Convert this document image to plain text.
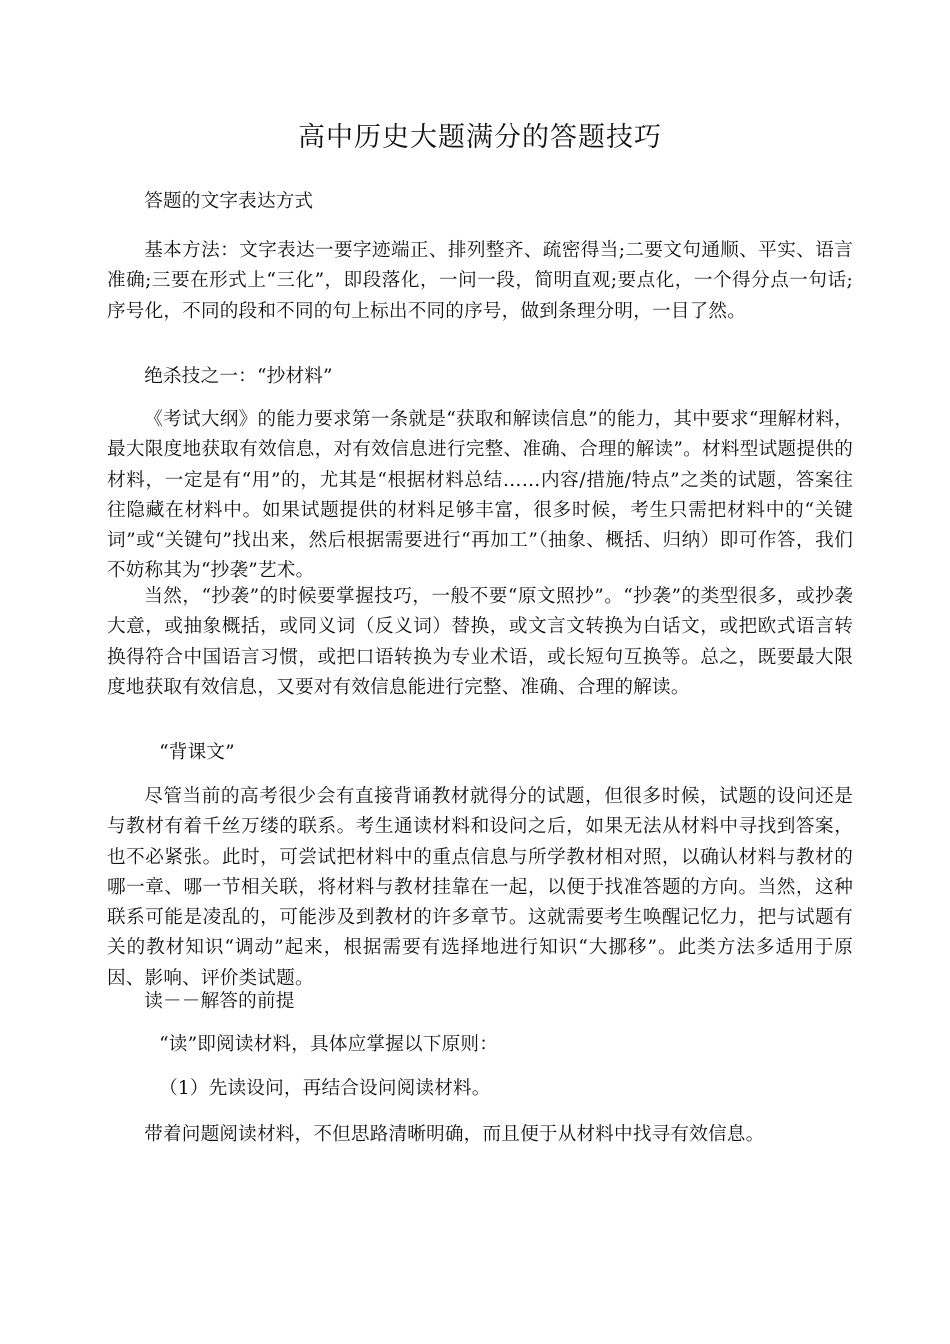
高中历史大题满分的答题技巧

答题的文字表达方式

基本方法：文字表达一要字迹端正、排列整齐、疏密得当;二要文句通顺、平实、语言准确;三要在形式上“三化”，即段落化，一问一段，简明直观;要点化，一个得分点一句话;序号化，不同的段和不同的句上标出不同的序号，做到条理分明，一目了然。

绝杀技之一：“抄材料”

《考试大纲》的能力要求第一条就是“获取和解读信息”的能力，其中要求“理解材料，最大限度地获取有效信息，对有效信息进行完整、准确、合理的解读”。材料型试题提供的材料，一定是有“用”的，尤其是“根据材料总结……内容/措施/特点”之类的试题，答案往往隐藏在材料中。如果试题提供的材料足够丰富，很多时候，考生只需把材料中的“关键词”或“关键句”找出来，然后根据需要进行“再加工”（抽象、概括、归纳）即可作答，我们不妨称其为“抄袭”艺术。

当然，“抄袭”的时候要掌握技巧，一般不要“原文照抄”。“抄袭”的类型很多，或抄袭大意，或抽象概括，或同义词（反义词）替换，或文言文转换为白话文，或把欧式语言转换得符合中国语言习惯，或把口语转换为专业术语，或长短句互换等。总之，既要最大限度地获取有效信息，又要对有效信息能进行完整、准确、合理的解读。

“背课文”

尽管当前的高考很少会有直接背诵教材就得分的试题，但很多时候，试题的设问还是与教材有着千丝万缕的联系。考生通读材料和设问之后，如果无法从材料中寻找到答案，也不必紧张。此时，可尝试把材料中的重点信息与所学教材相对照，以确认材料与教材的哪一章、哪一节相关联，将材料与教材挂靠在一起，以便于找准答题的方向。当然，这种联系可能是凌乱的，可能涉及到教材的许多章节。这就需要考生唤醒记忆力，把与试题有关的教材知识“调动”起来，根据需要有选择地进行知识“大挪移”。此类方法多适用于原因、影响、评价类试题。

读－－解答的前提

“读”即阅读材料，具体应掌握以下原则：

（1）先读设问，再结合设问阅读材料。

带着问题阅读材料，不但思路清晰明确，而且便于从材料中找寻有效信息。
